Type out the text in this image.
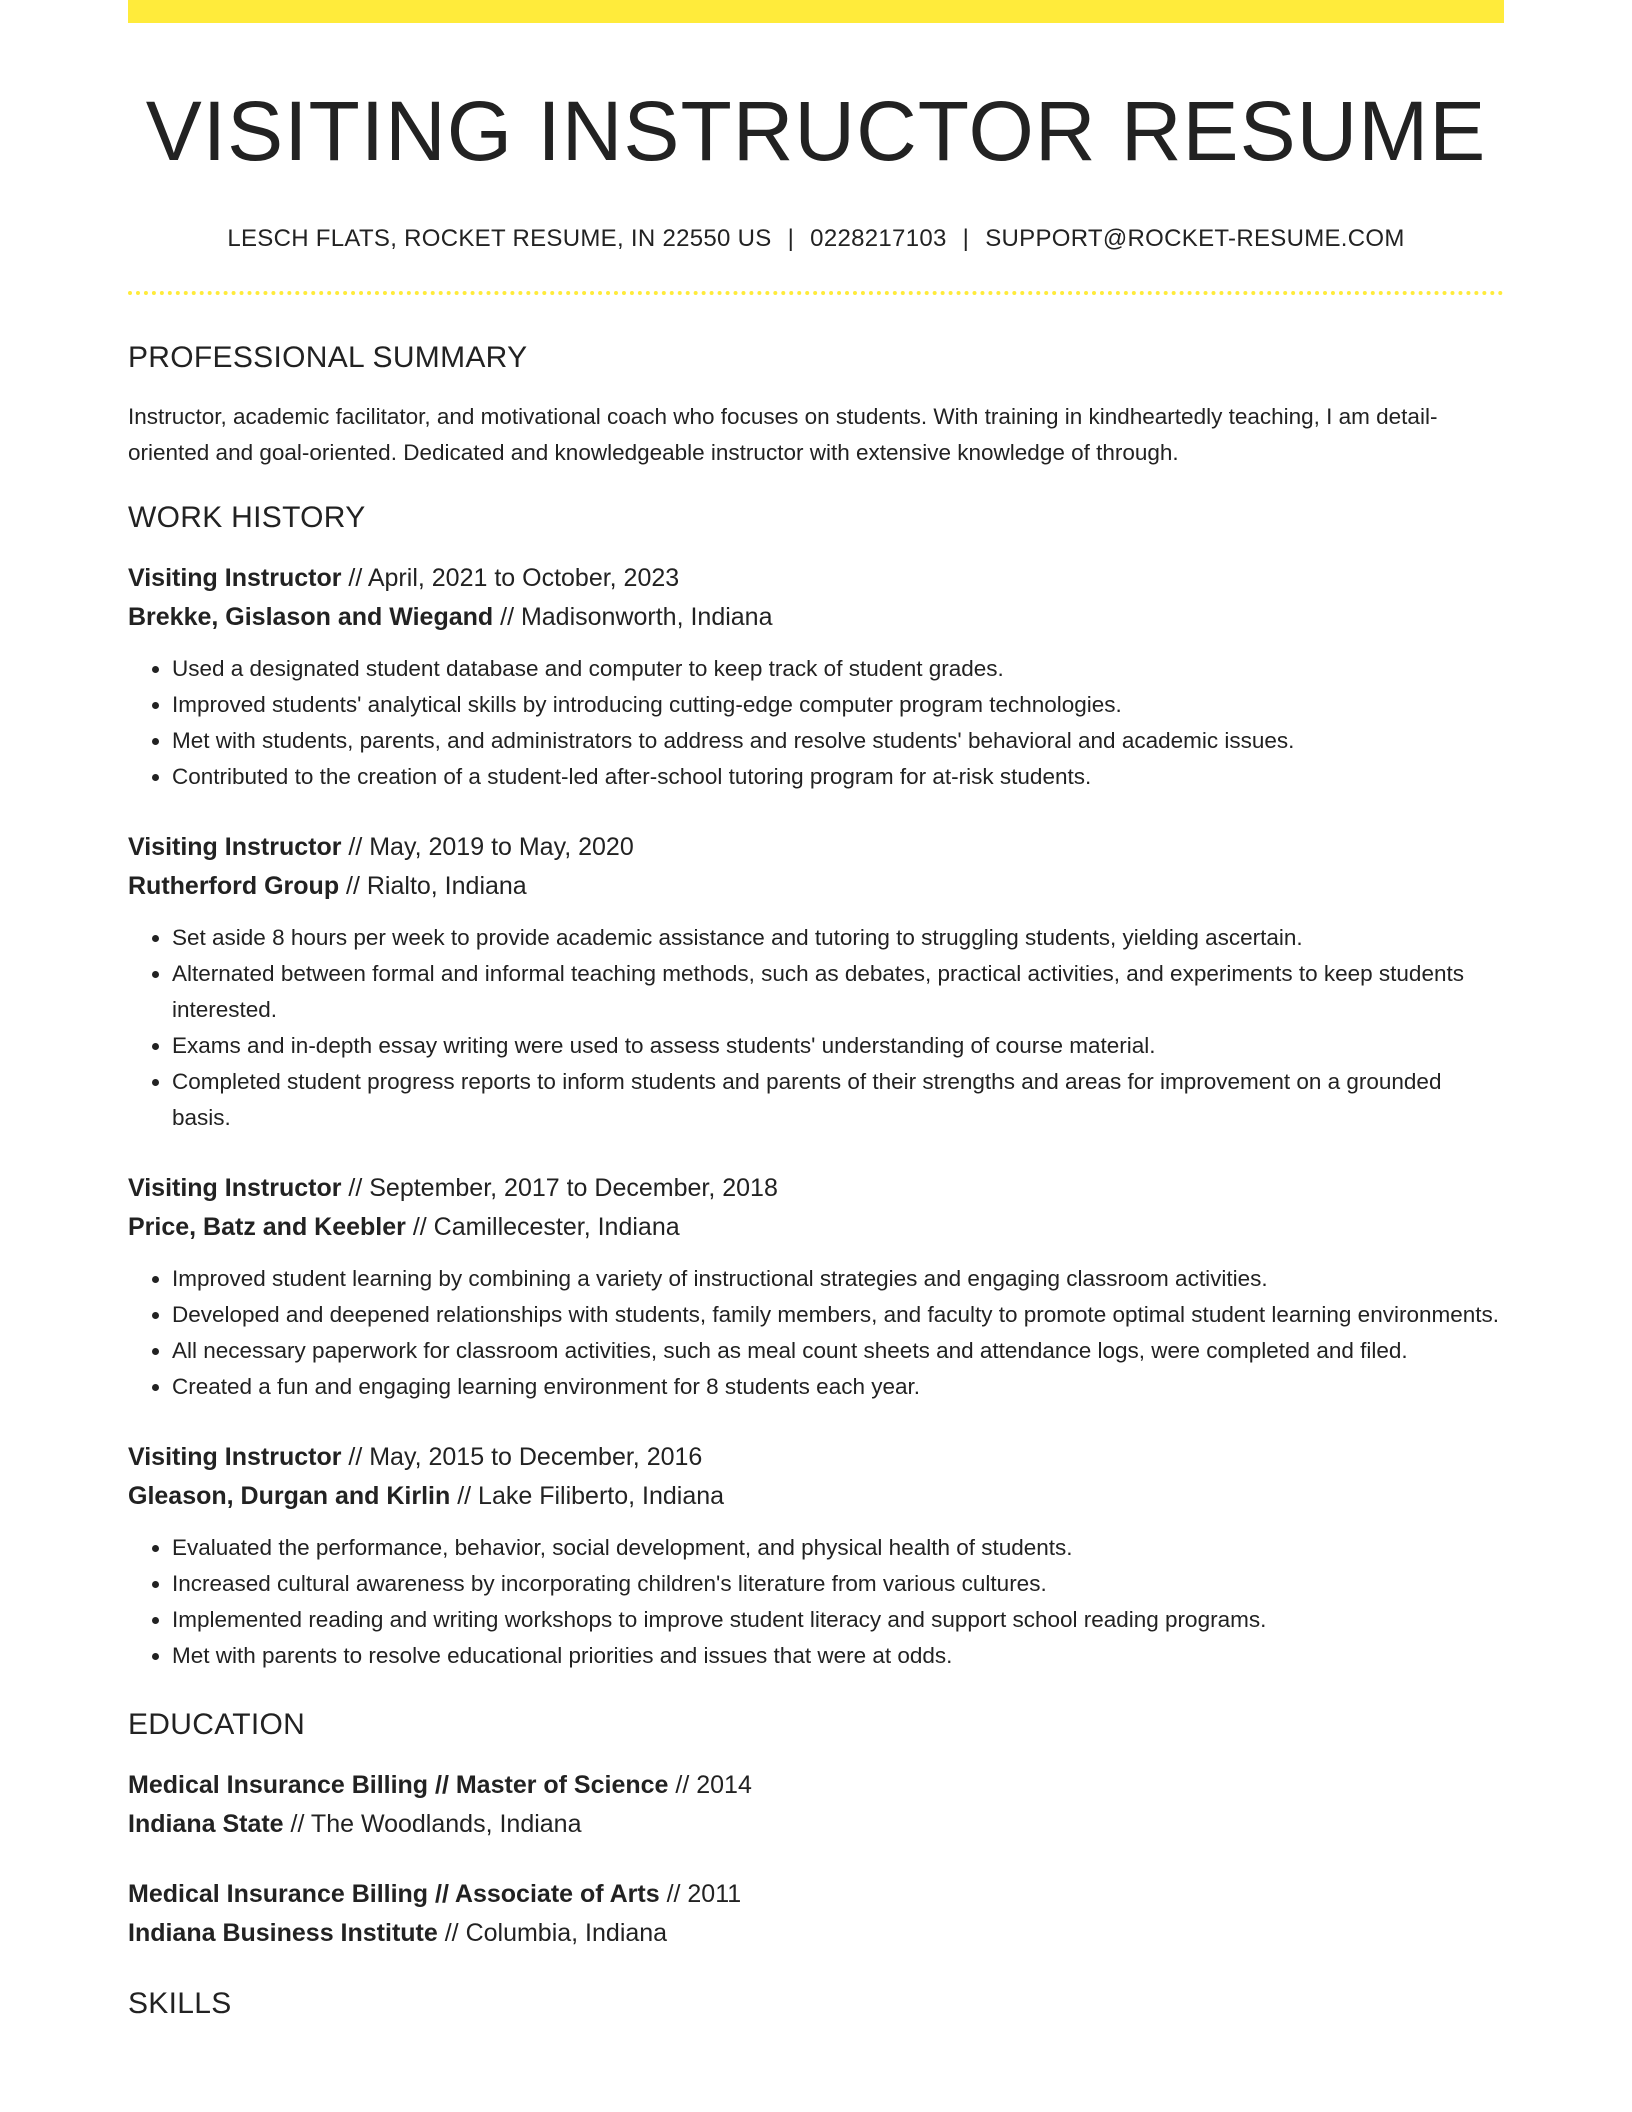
VISITING INSTRUCTOR RESUME
LESCH FLATS, ROCKET RESUME, IN 22550 US | 0228217103 | SUPPORT@ROCKET-RESUME.COM
PROFESSIONAL SUMMARY
Instructor, academic facilitator, and motivational coach who focuses on students. With training in kindheartedly teaching, I am detail-oriented and goal-oriented. Dedicated and knowledgeable instructor with extensive knowledge of through.
WORK HISTORY
Visiting Instructor // April, 2021 to October, 2023
Brekke, Gislason and Wiegand // Madisonworth, Indiana
• Used a designated student database and computer to keep track of student grades.
• Improved students' analytical skills by introducing cutting-edge computer program technologies.
• Met with students, parents, and administrators to address and resolve students' behavioral and academic issues.
• Contributed to the creation of a student-led after-school tutoring program for at-risk students.
Visiting Instructor // May, 2019 to May, 2020
Rutherford Group // Rialto, Indiana
• Set aside 8 hours per week to provide academic assistance and tutoring to struggling students, yielding ascertain.
• Alternated between formal and informal teaching methods, such as debates, practical activities, and experiments to keep students interested.
• Exams and in-depth essay writing were used to assess students' understanding of course material.
• Completed student progress reports to inform students and parents of their strengths and areas for improvement on a grounded basis.
Visiting Instructor // September, 2017 to December, 2018
Price, Batz and Keebler // Camillecester, Indiana
• Improved student learning by combining a variety of instructional strategies and engaging classroom activities.
• Developed and deepened relationships with students, family members, and faculty to promote optimal student learning environments.
• All necessary paperwork for classroom activities, such as meal count sheets and attendance logs, were completed and filed.
• Created a fun and engaging learning environment for 8 students each year.
Visiting Instructor // May, 2015 to December, 2016
Gleason, Durgan and Kirlin // Lake Filiberto, Indiana
• Evaluated the performance, behavior, social development, and physical health of students.
• Increased cultural awareness by incorporating children's literature from various cultures.
• Implemented reading and writing workshops to improve student literacy and support school reading programs.
• Met with parents to resolve educational priorities and issues that were at odds.
EDUCATION
Medical Insurance Billing // Master of Science // 2014
Indiana State // The Woodlands, Indiana
Medical Insurance Billing // Associate of Arts // 2011
Indiana Business Institute // Columbia, Indiana
SKILLS
